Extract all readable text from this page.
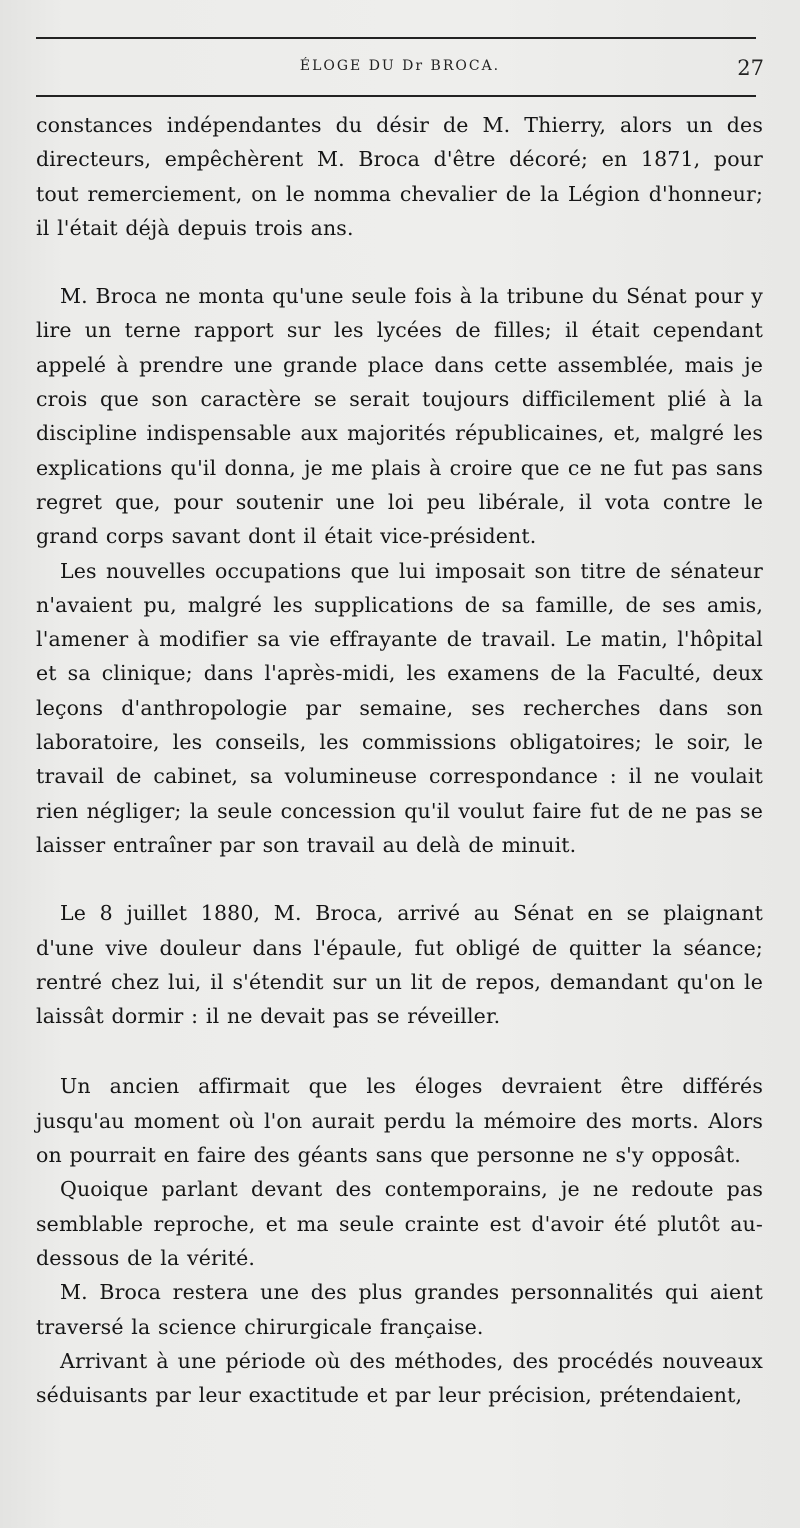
ÉLOGE DU Dr BROCA.	27

constances indépendantes du désir de M. Thierry, alors un des directeurs, empêchèrent M. Broca d'être décoré; en 1871, pour tout remerciement, on le nomma chevalier de la Légion d'honneur; il l'était déjà depuis trois ans.

M. Broca ne monta qu'une seule fois à la tribune du Sénat pour y lire un terne rapport sur les lycées de filles; il était cependant appelé à prendre une grande place dans cette assemblée, mais je crois que son caractère se serait toujours difficilement plié à la discipline indispensable aux majorités républicaines, et, malgré les explications qu'il donna, je me plais à croire que ce ne fut pas sans regret que, pour soutenir une loi peu libérale, il vota contre le grand corps savant dont il était vice-président.

Les nouvelles occupations que lui imposait son titre de sénateur n'avaient pu, malgré les supplications de sa famille, de ses amis, l'amener à modifier sa vie effrayante de travail. Le matin, l'hôpital et sa clinique; dans l'après-midi, les examens de la Faculté, deux leçons d'anthropologie par semaine, ses recherches dans son laboratoire, les conseils, les commissions obligatoires; le soir, le travail de cabinet, sa volumineuse correspondance : il ne voulait rien négliger; la seule concession qu'il voulut faire fut de ne pas se laisser entraîner par son travail au delà de minuit.

Le 8 juillet 1880, M. Broca, arrivé au Sénat en se plaignant d'une vive douleur dans l'épaule, fut obligé de quitter la séance; rentré chez lui, il s'étendit sur un lit de repos, demandant qu'on le laissât dormir : il ne devait pas se réveiller.

Un ancien affirmait que les éloges devraient être différés jusqu'au moment où l'on aurait perdu la mémoire des morts. Alors on pourrait en faire des géants sans que personne ne s'y opposât.

Quoique parlant devant des contemporains, je ne redoute pas semblable reproche, et ma seule crainte est d'avoir été plutôt au-dessous de la vérité.

M. Broca restera une des plus grandes personnalités qui aient traversé la science chirurgicale française.

Arrivant à une période où des méthodes, des procédés nouveaux séduisants par leur exactitude et par leur précision, prétendaient,
